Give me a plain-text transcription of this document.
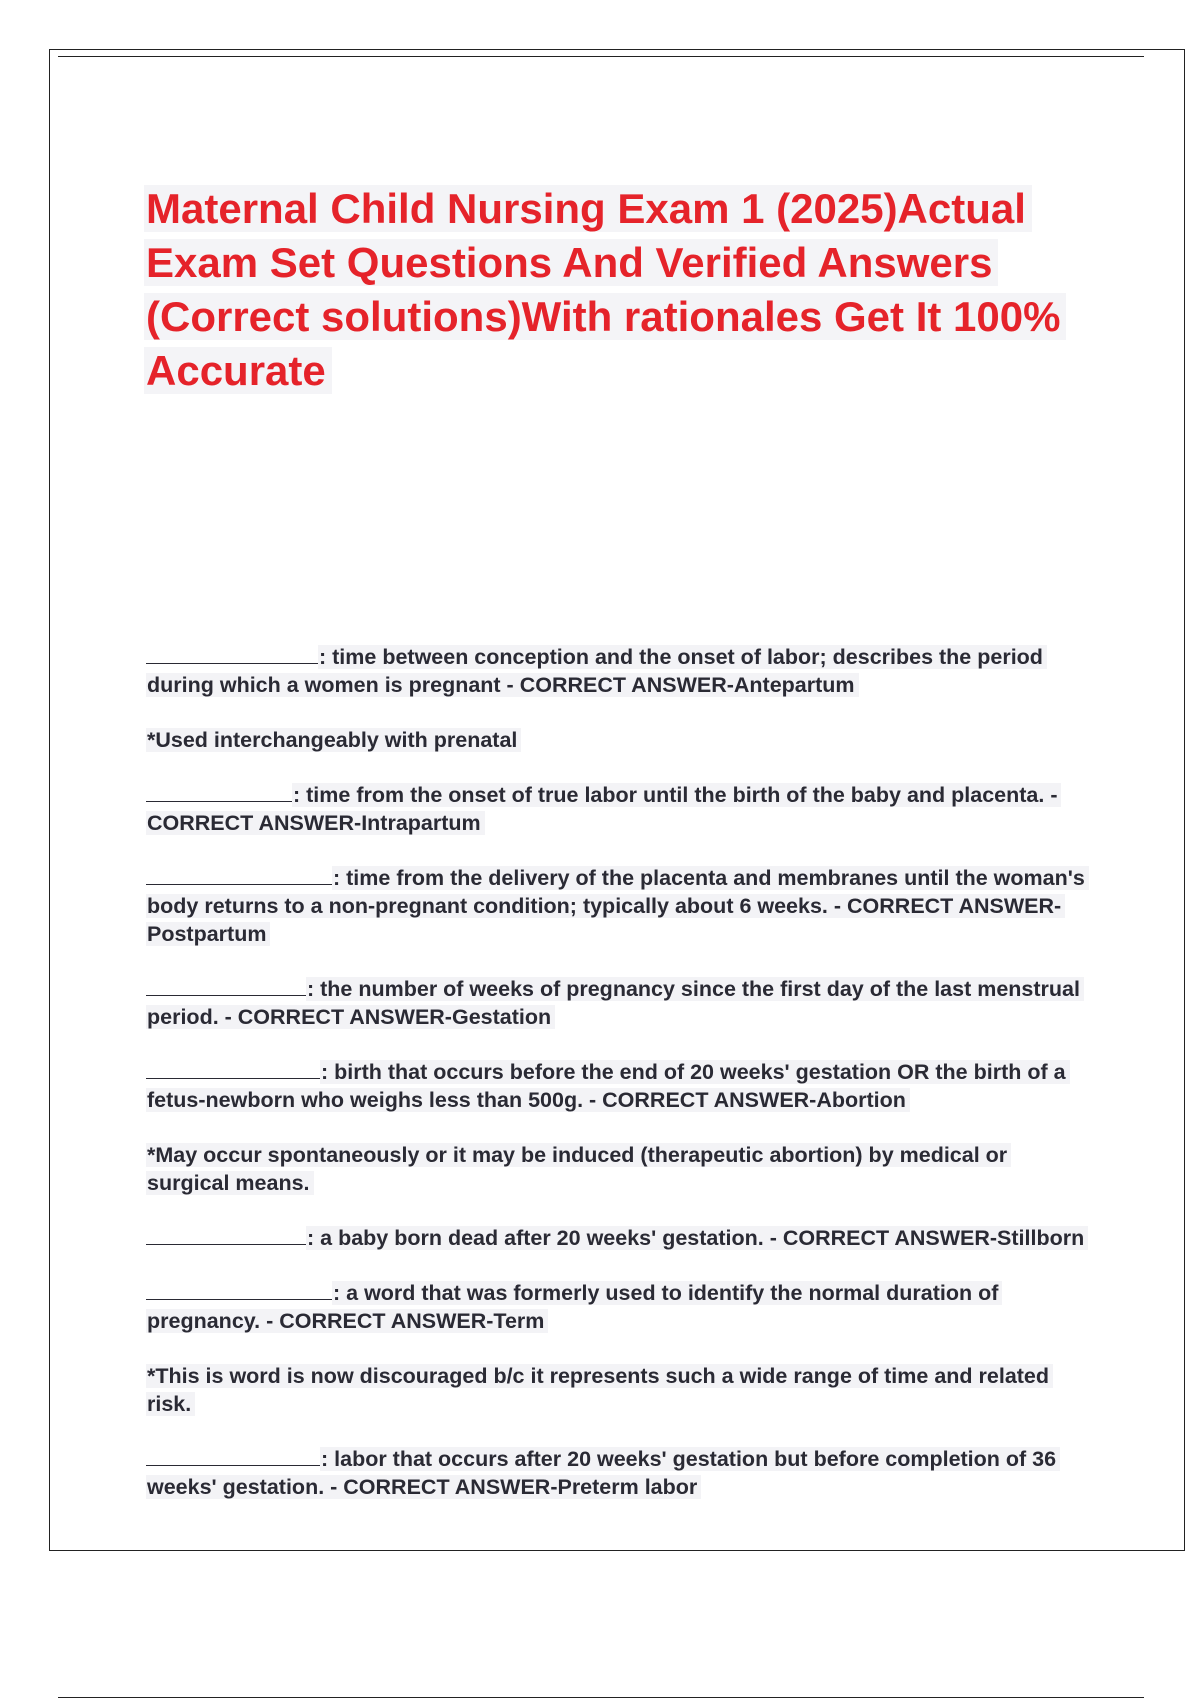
Maternal Child Nursing Exam 1 (2025)Actual Exam Set Questions And Verified Answers (Correct solutions)With rationales Get It 100% Accurate

: time between conception and the onset of labor; describes the period during which a women is pregnant - CORRECT ANSWER-Antepartum

*Used interchangeably with prenatal

: time from the onset of true labor until the birth of the baby and placenta. - CORRECT ANSWER-Intrapartum

: time from the delivery of the placenta and membranes until the woman's body returns to a non-pregnant condition; typically about 6 weeks. - CORRECT ANSWER-Postpartum

: the number of weeks of pregnancy since the first day of the last menstrual period. - CORRECT ANSWER-Gestation

: birth that occurs before the end of 20 weeks' gestation OR the birth of a fetus-newborn who weighs less than 500g. - CORRECT ANSWER-Abortion

*May occur spontaneously or it may be induced (therapeutic abortion) by medical or surgical means.

: a baby born dead after 20 weeks' gestation. - CORRECT ANSWER-Stillborn

: a word that was formerly used to identify the normal duration of pregnancy. - CORRECT ANSWER-Term

*This is word is now discouraged b/c it represents such a wide range of time and related risk.

: labor that occurs after 20 weeks' gestation but before completion of 36 weeks' gestation. - CORRECT ANSWER-Preterm labor
